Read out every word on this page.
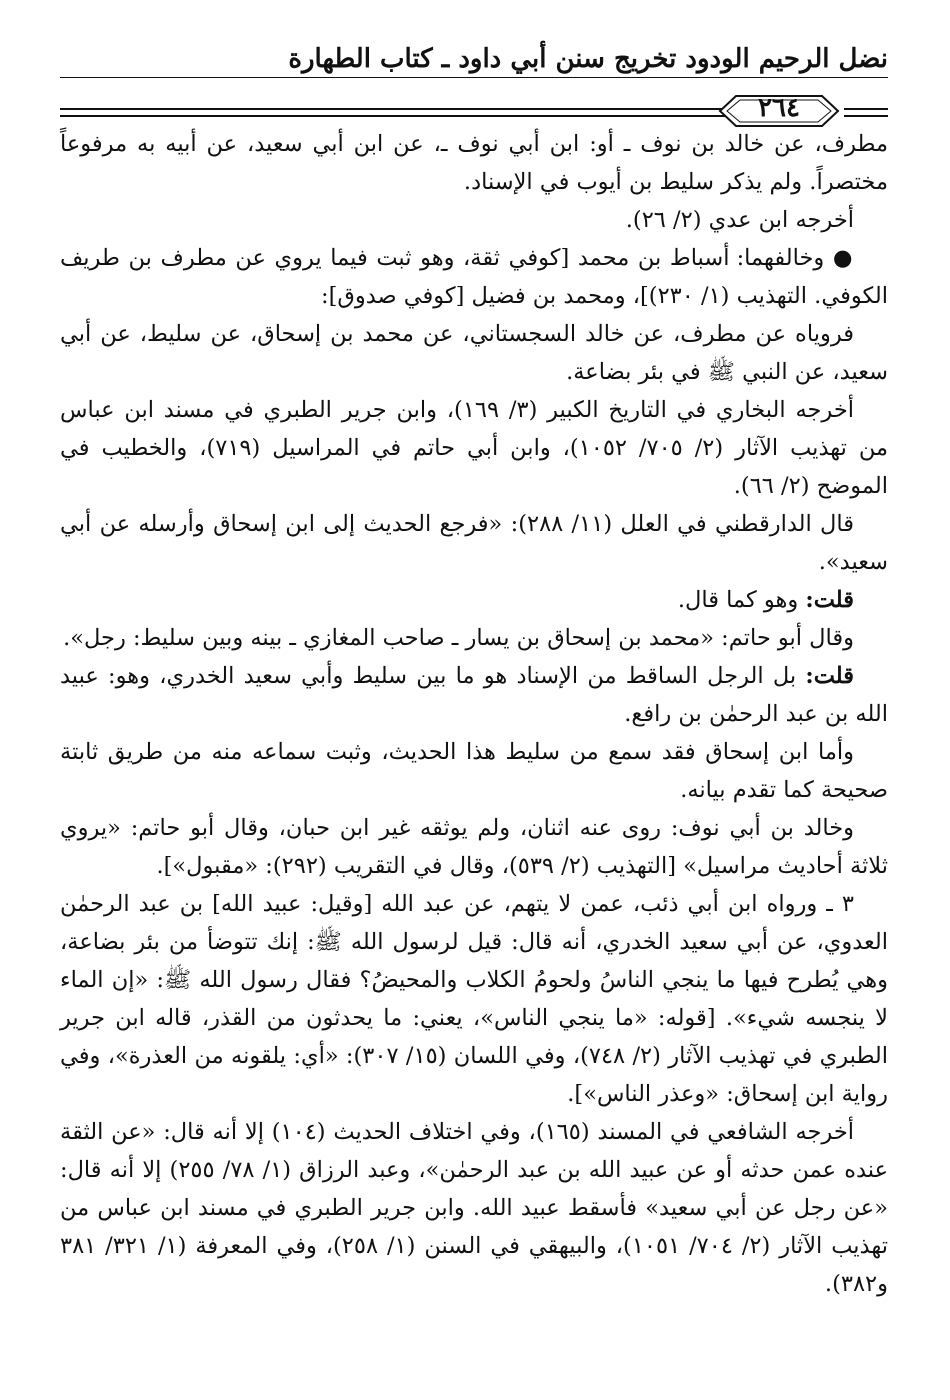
نضل الرحيم الودود تخريج سنن أبي داود ـ كتاب الطهارة
٢٦٤

مطرف، عن خالد بن نوف ـ أو: ابن أبي نوف ـ، عن ابن أبي سعيد، عن أبيه به مرفوعاً مختصراً. ولم يذكر سليط بن أيوب في الإسناد.

أخرجه ابن عدي (٢/ ٢٦).

● وخالفهما: أسباط بن محمد [كوفي ثقة، وهو ثبت فيما يروي عن مطرف بن طريف الكوفي. التهذيب (١/ ٢٣٠)]، ومحمد بن فضيل [كوفي صدوق]:

فروياه عن مطرف، عن خالد السجستاني، عن محمد بن إسحاق، عن سليط، عن أبي سعيد، عن النبي ﷺ في بئر بضاعة.

أخرجه البخاري في التاريخ الكبير (٣/ ١٦٩)، وابن جرير الطبري في مسند ابن عباس من تهذيب الآثار (٢/ ٧٠٥/ ١٠٥٢)، وابن أبي حاتم في المراسيل (٧١٩)، والخطيب في الموضح (٢/ ٦٦).

قال الدارقطني في العلل (١١/ ٢٨٨): «فرجع الحديث إلى ابن إسحاق وأرسله عن أبي سعيد».

قلت: وهو كما قال.

وقال أبو حاتم: «محمد بن إسحاق بن يسار ـ صاحب المغازي ـ بينه وبين سليط: رجل».

قلت: بل الرجل الساقط من الإسناد هو ما بين سليط وأبي سعيد الخدري، وهو: عبيد الله بن عبد الرحمٰن بن رافع.

وأما ابن إسحاق فقد سمع من سليط هذا الحديث، وثبت سماعه منه من طريق ثابتة صحيحة كما تقدم بيانه.

وخالد بن أبي نوف: روى عنه اثنان، ولم يوثقه غير ابن حبان، وقال أبو حاتم: «يروي ثلاثة أحاديث مراسيل» [التهذيب (٢/ ٥٣٩)، وقال في التقريب (٢٩٢): «مقبول»].

٣ ـ ورواه ابن أبي ذئب، عمن لا يتهم، عن عبد الله [وقيل: عبيد الله] بن عبد الرحمٰن العدوي، عن أبي سعيد الخدري، أنه قال: قيل لرسول الله ﷺ: إنك تتوضأ من بئر بضاعة، وهي يُطرح فيها ما ينجي الناسُ ولحومُ الكلاب والمحيضُ؟ فقال رسول الله ﷺ: «إن الماء لا ينجسه شيء». [قوله: «ما ينجي الناس»، يعني: ما يحدثون من القذر، قاله ابن جرير الطبري في تهذيب الآثار (٢/ ٧٤٨)، وفي اللسان (١٥/ ٣٠٧): «أي: يلقونه من العذرة»، وفي رواية ابن إسحاق: «وعذر الناس»].

أخرجه الشافعي في المسند (١٦٥)، وفي اختلاف الحديث (١٠٤) إلا أنه قال: «عن الثقة عنده عمن حدثه أو عن عبيد الله بن عبد الرحمٰن»، وعبد الرزاق (١/ ٧٨/ ٢٥٥) إلا أنه قال: «عن رجل عن أبي سعيد» فأسقط عبيد الله. وابن جرير الطبري في مسند ابن عباس من تهذيب الآثار (٢/ ٧٠٤/ ١٠٥١)، والبيهقي في السنن (١/ ٢٥٨)، وفي المعرفة (١/ ٣٢١/ ٣٨١ و٣٨٢).
